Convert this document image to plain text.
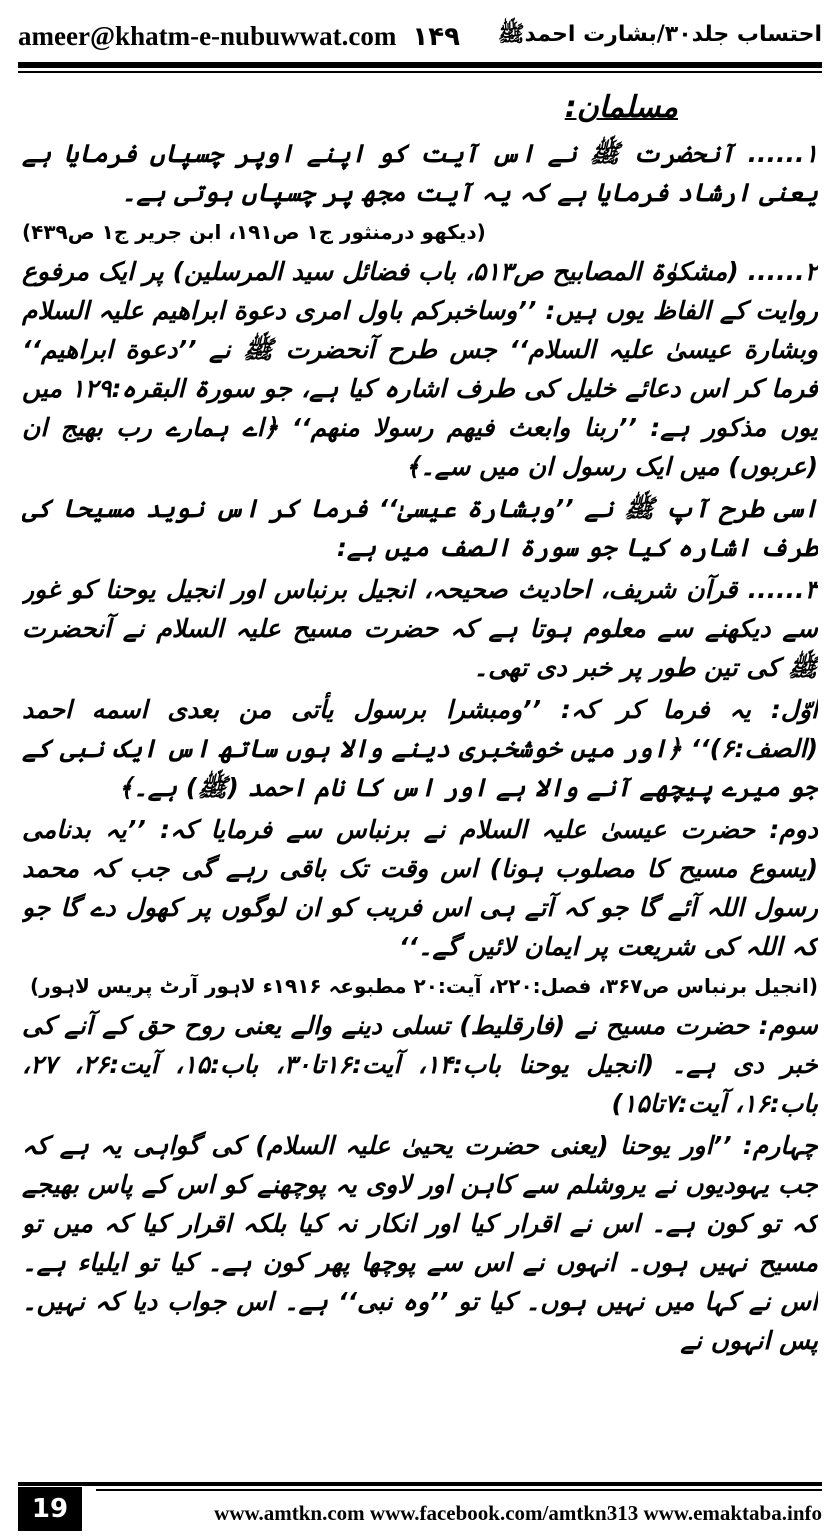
ameer@khatm-e-nubuwwat.com ۱۴۹ احتساب جلد۳۰/بشارت احمدﷺ
مسلمان:

۱...... آنحضرت ﷺ نے اس آیت کو اپنے اوپر چسپاں فرمایا ہے یعنی ارشاد فرمایا ہے کہ یہ آیت مجھ پر چسپاں ہوتی ہے۔

(دیکھو درمنثور ج۱ ص۱۹۱، ابن جریر ج۱ ص۴۳۹)

۲...... (مشکوٰۃ المصابیح ص۵۱۳، باب فضائل سید المرسلین) پر ایک مرفوع روایت کے الفاظ یوں ہیں: ’’وساخبرکم باول امری دعوة ابراهیم علیہ السلام وبشارة عیسیٰ علیہ السلام‘‘ جس طرح آنحضرت ﷺ نے ’’دعوة ابراهیم‘‘ فرما کر اس دعائے خلیل کی طرف اشارہ کیا ہے، جو سورۃ البقرہ:۱۲۹ میں یوں مذکور ہے: ’’ربنا وابعث فیهم رسولا منهم‘‘ ﴿اے ہمارے رب بھیج ان (عربوں) میں ایک رسول ان میں سے۔﴾

اسی طرح آپ ﷺ نے ’’وبشارة عیسیٰ‘‘ فرما کر اس نوید مسیحا کی طرف اشارہ کیا جو سورۃ الصف میں ہے:

۳...... قرآن شریف، احادیث صحیحہ، انجیل برنباس اور انجیل یوحنا کو غور سے دیکھنے سے معلوم ہوتا ہے کہ حضرت مسیح علیہ السلام نے آنحضرت ﷺ کی تین طور پر خبر دی تھی۔

اوّل: یہ فرما کر کہ: ’’ومبشرا برسول یأتی من بعدی اسمه احمد (الصف:۶)‘‘ ﴿اور میں خوشخبری دینے والا ہوں ساتھ اس ایک نبی کے جو میرے پیچھے آنے والا ہے اور اس کا نام احمد (ﷺ) ہے۔﴾

دوم: حضرت عیسیٰ علیہ السلام نے برنباس سے فرمایا کہ: ’’یہ بدنامی (یسوع مسیح کا مصلوب ہونا) اس وقت تک باقی رہے گی جب کہ محمد رسول اللہ آئے گا جو کہ آتے ہی اس فریب کو ان لوگوں پر کھول دے گا جو کہ اللہ کی شریعت پر ایمان لائیں گے۔‘‘

(انجیل برنباس ص۳۶۷، فصل:۲۲۰، آیت:۲۰ مطبوعہ ۱۹۱۶ء لاہور آرٹ پریس لاہور)

سوم: حضرت مسیح نے (فارقلیط) تسلی دینے والے یعنی روح حق کے آنے کی خبر دی ہے۔ (انجیل یوحنا باب:۱۴، آیت:۱۶تا۳۰، باب:۱۵، آیت:۲۶، ۲۷، باب:۱۶، آیت:۷تا۱۵)

چہارم: ’’اور یوحنا (یعنی حضرت یحییٰ علیہ السلام) کی گواہی یہ ہے کہ جب یہودیوں نے یروشلم سے کاہن اور لاوی یہ پوچھنے کو اس کے پاس بھیجے کہ تو کون ہے۔ اس نے اقرار کیا اور انکار نہ کیا بلکہ اقرار کیا کہ میں تو مسیح نہیں ہوں۔ انہوں نے اس سے پوچھا پھر کون ہے۔ کیا تو ایلیاء ہے۔ اس نے کہا میں نہیں ہوں۔ کیا تو ’’وہ نبی‘‘ ہے۔ اس جواب دیا کہ نہیں۔ پس انہوں نے

19	www.amtkn.com www.facebook.com/amtkn313 www.emaktaba.info
